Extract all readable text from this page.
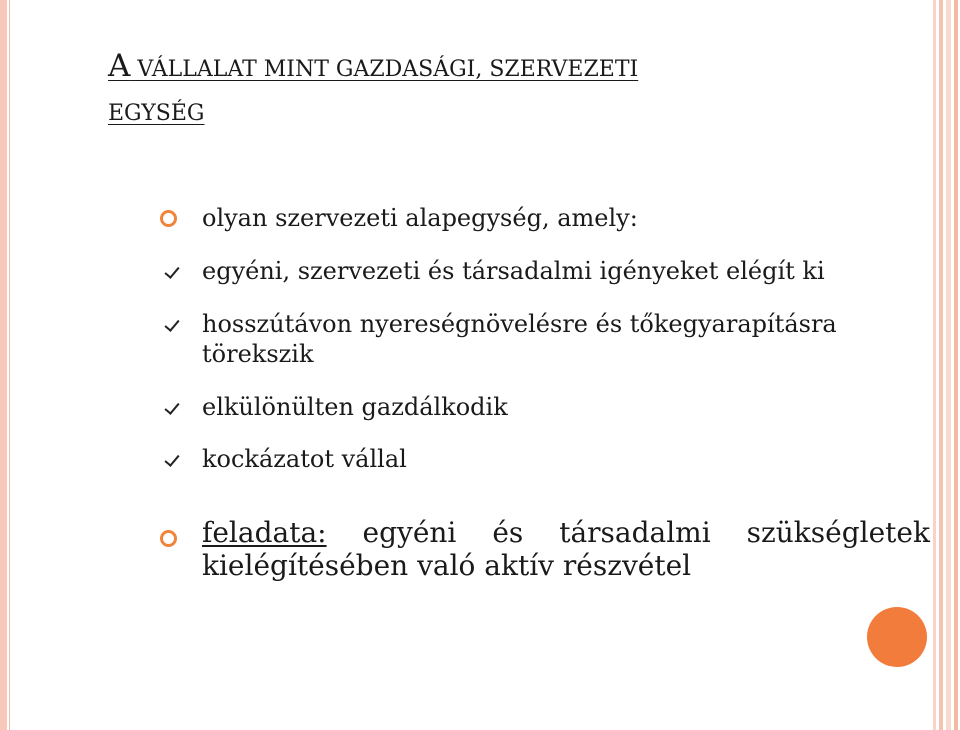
A VÁLLALAT MINT GAZDASÁGI, SZERVEZETI
EGYSÉG
olyan szervezeti alapegység, amely:
egyéni, szervezeti és társadalmi igényeket elégít ki
hosszútávon nyereségnövelésre és tőkegyarapításra
törekszik
elkülönülten gazdálkodik
kockázatot vállal
feladata: egyéni és társadalmi szükségletek
kielégítésében való aktív részvétel
